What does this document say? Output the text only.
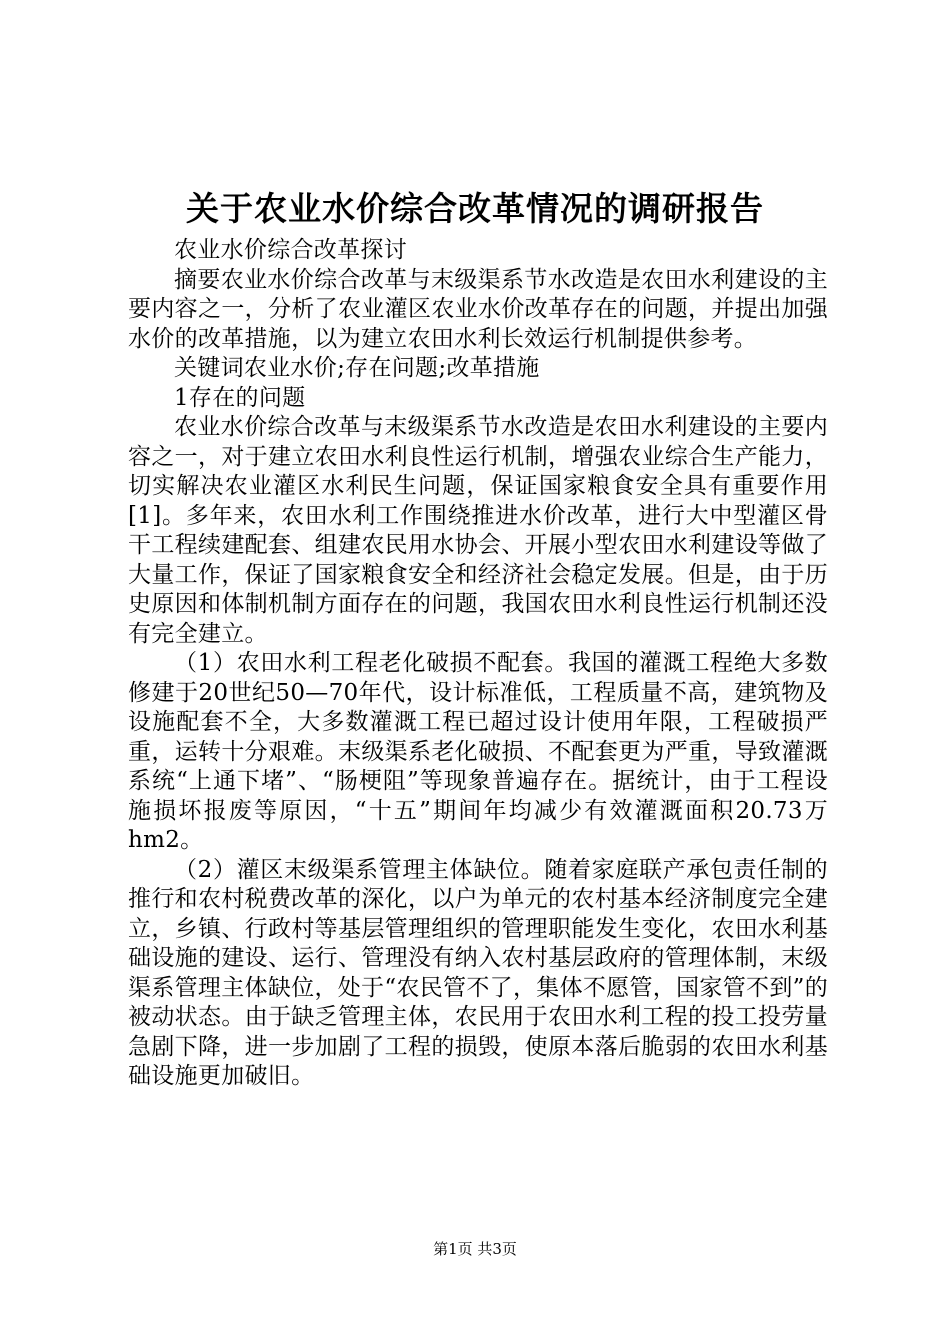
关于农业水价综合改革情况的调研报告

农业水价综合改革探讨

摘要农业水价综合改革与末级渠系节水改造是农田水利建设的主要内容之一，分析了农业灌区农业水价改革存在的问题，并提出加强水价的改革措施，以为建立农田水利长效运行机制提供参考。

关键词农业水价;存在问题;改革措施

1存在的问题

农业水价综合改革与末级渠系节水改造是农田水利建设的主要内容之一，对于建立农田水利良性运行机制，增强农业综合生产能力，切实解决农业灌区水利民生问题，保证国家粮食安全具有重要作用[1]。多年来，农田水利工作围绕推进水价改革，进行大中型灌区骨干工程续建配套、组建农民用水协会、开展小型农田水利建设等做了大量工作，保证了国家粮食安全和经济社会稳定发展。但是，由于历史原因和体制机制方面存在的问题，我国农田水利良性运行机制还没有完全建立。

（1）农田水利工程老化破损不配套。我国的灌溉工程绝大多数修建于20世纪50—70年代，设计标准低，工程质量不高，建筑物及设施配套不全，大多数灌溉工程已超过设计使用年限，工程破损严重，运转十分艰难。末级渠系老化破损、不配套更为严重，导致灌溉系统“上通下堵”、“肠梗阻”等现象普遍存在。据统计，由于工程设施损坏报废等原因，“十五”期间年均减少有效灌溉面积20.73万hm2。

（2）灌区末级渠系管理主体缺位。随着家庭联产承包责任制的推行和农村税费改革的深化，以户为单元的农村基本经济制度完全建立，乡镇、行政村等基层管理组织的管理职能发生变化，农田水利基础设施的建设、运行、管理没有纳入农村基层政府的管理体制，末级渠系管理主体缺位，处于“农民管不了，集体不愿管，国家管不到”的被动状态。由于缺乏管理主体，农民用于农田水利工程的投工投劳量急剧下降，进一步加剧了工程的损毁，使原本落后脆弱的农田水利基础设施更加破旧。

第1页 共3页
